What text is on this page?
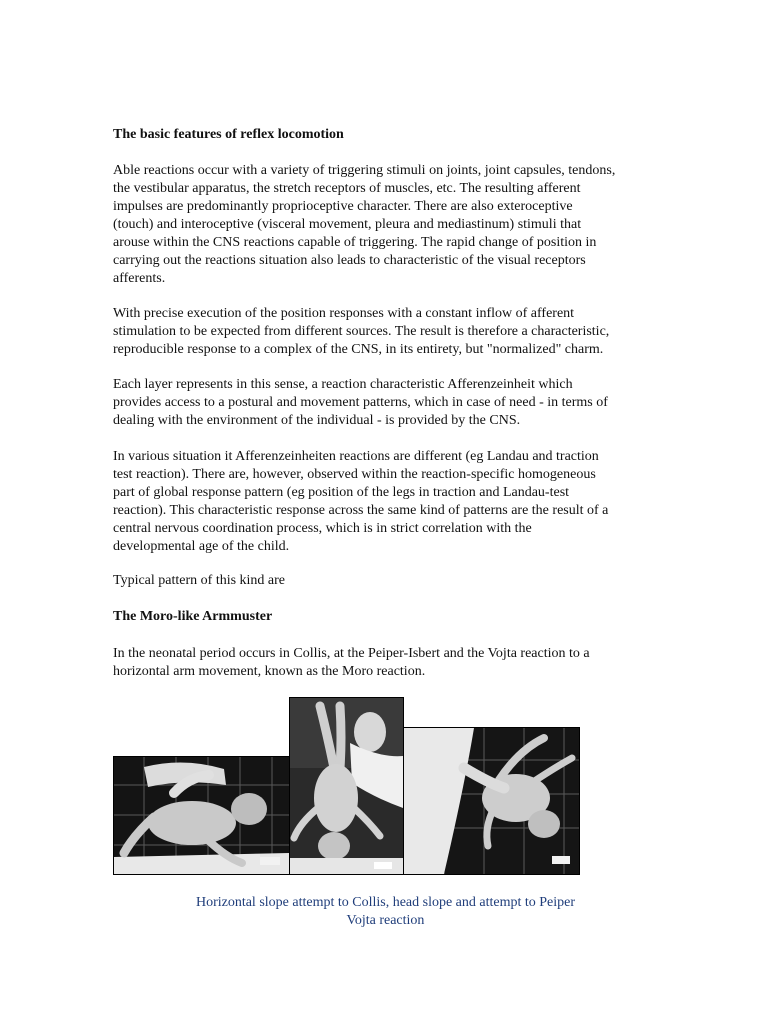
The basic features of reflex locomotion
Able reactions occur with a variety of triggering stimuli on joints, joint capsules, tendons,
the vestibular apparatus, the stretch receptors of muscles, etc. The resulting afferent
impulses are predominantly proprioceptive character. There are also exteroceptive
(touch) and interoceptive (visceral movement, pleura and mediastinum) stimuli that
arouse within the CNS reactions capable of triggering. The rapid change of position in
carrying out the reactions situation also leads to characteristic of the visual receptors
afferents.
With precise execution of the position responses with a constant inflow of afferent
stimulation to be expected from different sources. The result is therefore a characteristic,
reproducible response to a complex of the CNS, in its entirety, but "normalized" charm.
Each layer represents in this sense, a reaction characteristic Afferenzeinheit which
provides access to a postural and movement patterns, which in case of need - in terms of
dealing with the environment of the individual - is provided by the CNS.
In various situation it Afferenzeinheiten reactions are different (eg Landau and traction
test reaction). There are, however, observed within the reaction-specific homogeneous
part of global response pattern (eg position of the legs in traction and Landau-test
reaction). This characteristic response across the same kind of patterns are the result of a
central nervous coordination process, which is in strict correlation with the
developmental age of the child.
Typical pattern of this kind are
The Moro-like Armmuster
In the neonatal period occurs in Collis, at the Peiper-Isbert and the Vojta reaction to a
horizontal arm movement, known as the Moro reaction.
Horizontal slope attempt to Collis, head slope and attempt to Peiper
Vojta reaction
